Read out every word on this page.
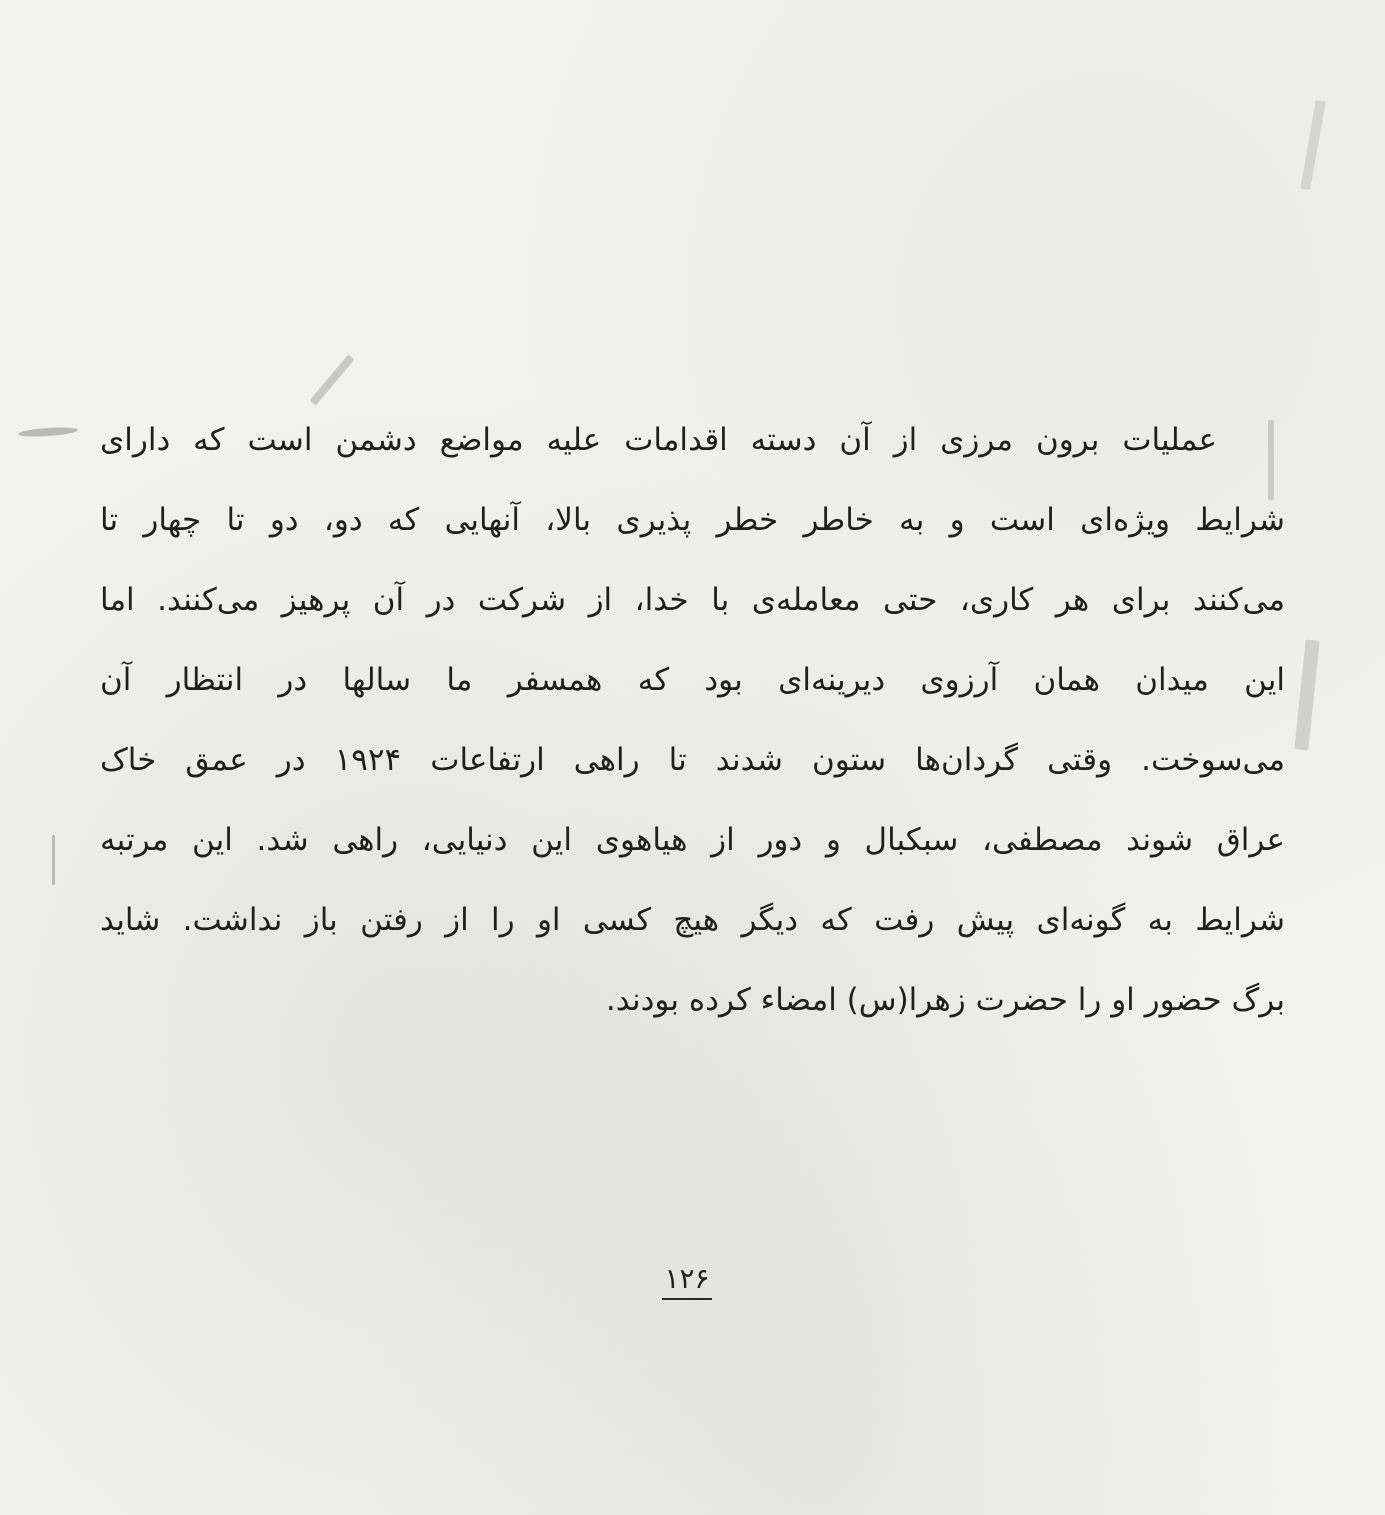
عملیات برون مرزی از آن دسته اقدامات علیه مواضع دشمن است که دارای
شرایط ویژه‌ای است و به خاطر خطر پذیری بالا، آنهایی که دو، دو تا چهار تا
می‌کنند برای هر کاری، حتی معامله‌ی با خدا، از شرکت در آن پرهیز می‌کنند. اما
این میدان همان آرزوی دیرینه‌ای بود که همسفر ما سالها در انتظار آن
می‌سوخت. وقتی گردان‌ها ستون شدند تا راهی ارتفاعات ۱۹۲۴ در عمق خاک
عراق شوند مصطفی، سبکبال و دور از هیاهوی این دنیایی، راهی شد. این مرتبه
شرایط به گونه‌ای پیش رفت که دیگر هیچ کسی او را از رفتن باز نداشت. شاید
برگ حضور او را حضرت زهرا(س) امضاء کرده بودند.
۱۲۶
